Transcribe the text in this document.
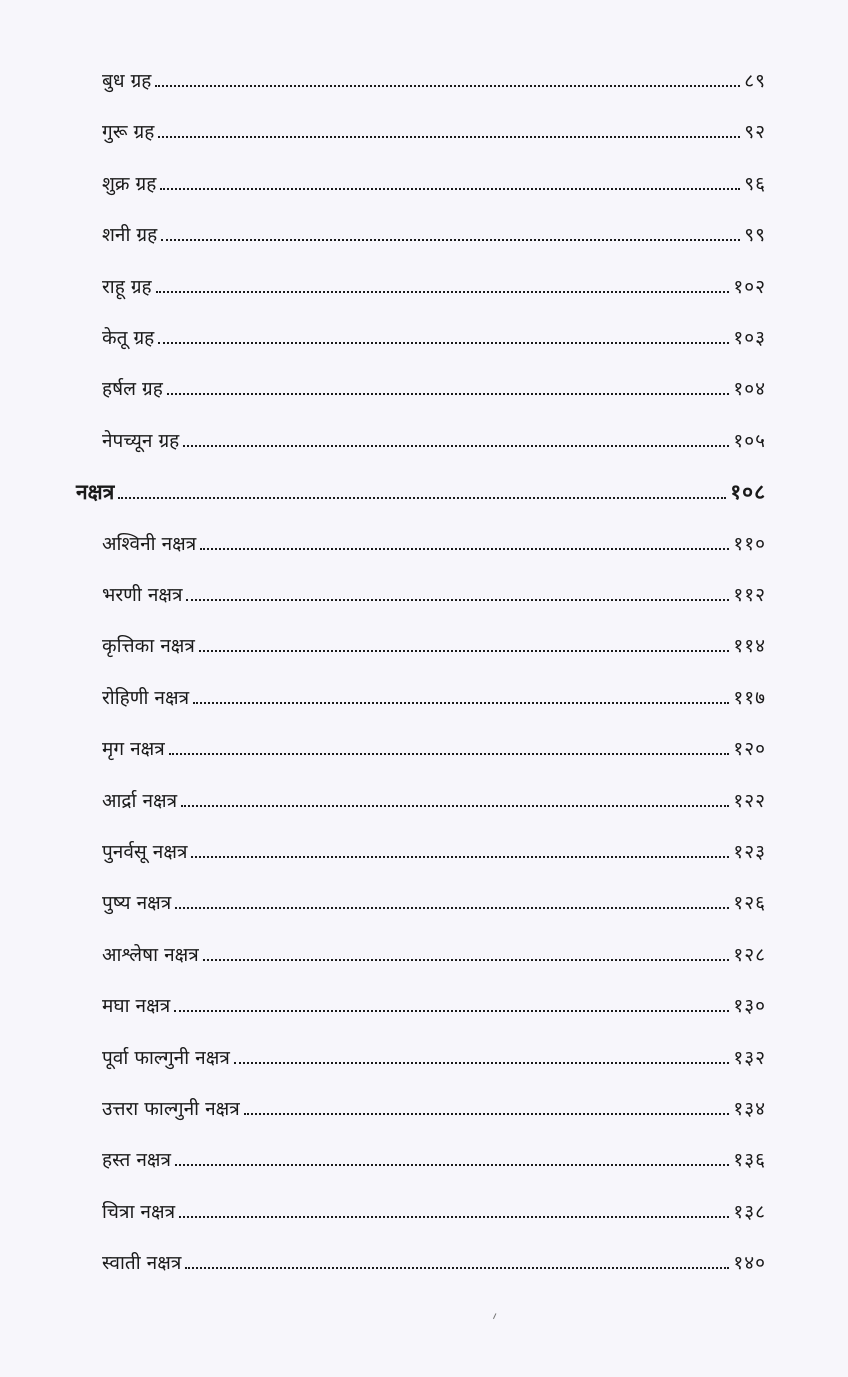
बुध ग्रह	८९
गुरू ग्रह	९२
शुक्र ग्रह	९६
शनी ग्रह	९९
राहू ग्रह	१०२
केतू ग्रह	१०३
हर्षल ग्रह	१०४
नेपच्यून ग्रह	१०५
नक्षत्र	१०८
अश्विनी नक्षत्र	११०
भरणी नक्षत्र	११२
कृत्तिका नक्षत्र	११४
रोहिणी नक्षत्र	११७
मृग नक्षत्र	१२०
आर्द्रा नक्षत्र	१२२
पुनर्वसू नक्षत्र	१२३
पुष्य नक्षत्र	१२६
आश्लेषा नक्षत्र	१२८
मघा नक्षत्र	१३०
पूर्वा फाल्गुनी नक्षत्र	१३२
उत्तरा फाल्गुनी नक्षत्र	१३४
हस्त नक्षत्र	१३६
चित्रा नक्षत्र	१३८
स्वाती नक्षत्र	१४०
